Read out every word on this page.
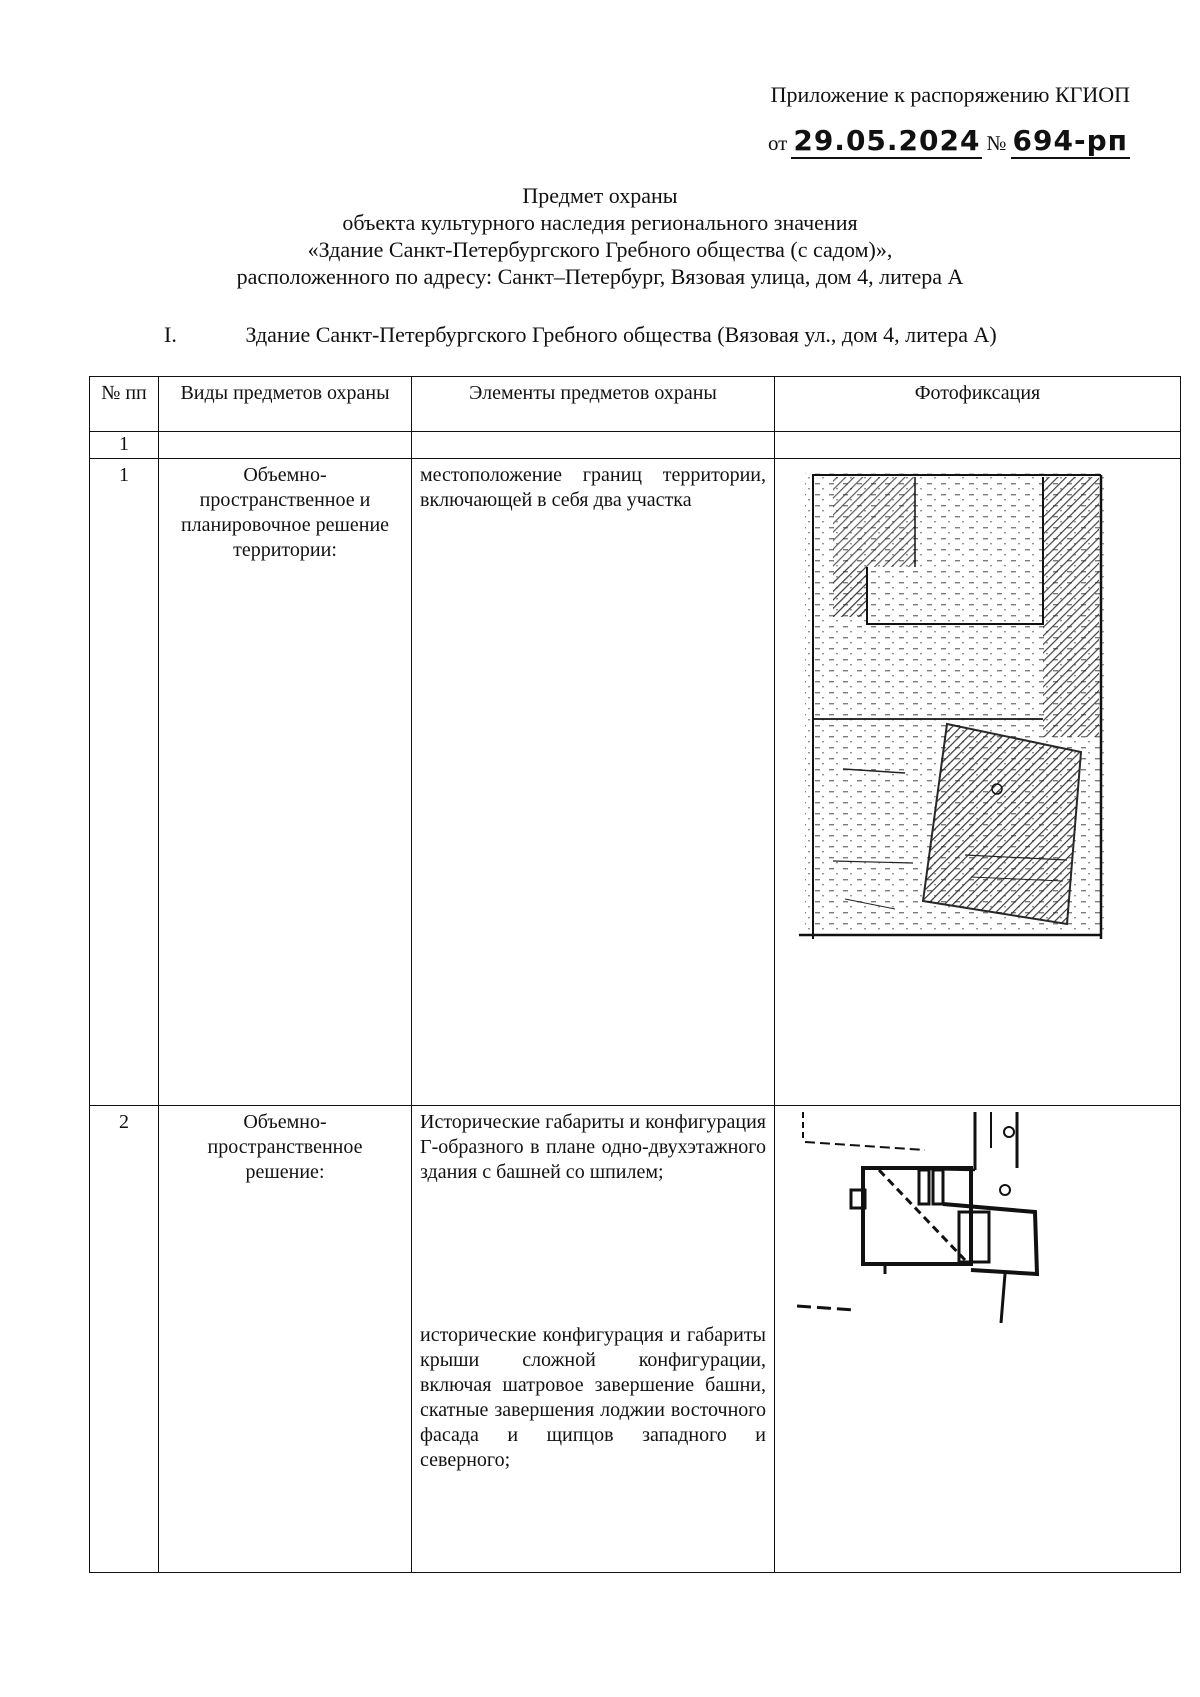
Приложение к распоряжению КГИОП
от 29.05.2024 № 694-рп
Предмет охраны
объекта культурного наследия регионального значения
«Здание Санкт-Петербургского Гребного общества (с садом)»,
расположенного по адресу: Санкт–Петербург, Вязовая улица, дом 4, литера А
I.	Здание Санкт-Петербургского Гребного общества (Вязовая ул., дом 4, литера А)
№ пп	Виды предметов охраны	Элементы предметов охраны	Фотофиксация
1			
1	Объемно-пространственное и планировочное решение территории:	местоположение границ территории, включающей в себя два участка

2	Объемно-пространственное решение:	Исторические габариты и конфигурация Г-образного в плане одно-двухэтажного здания с башней со шпилем;
исторические конфигурация и габариты крыши сложной конфигурации, включая шатровое завершение башни, скатные завершения лоджии восточного фасада и щипцов западного и северного;
